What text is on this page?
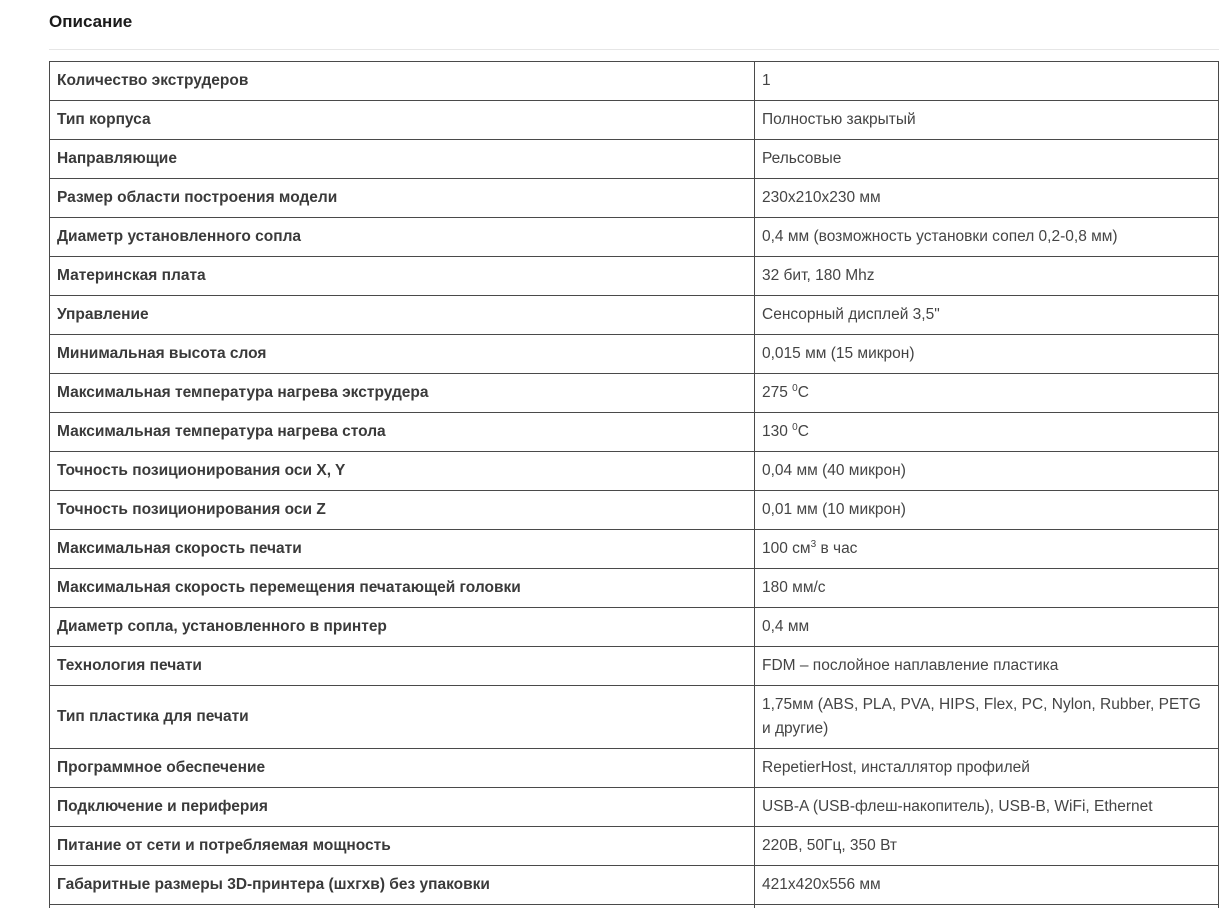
Описание
Количество экструдеров	1
Тип корпуса	Полностью закрытый
Направляющие	Рельсовые
Размер области построения модели	230x210x230 мм
Диаметр установленного сопла	0,4 мм (возможность установки сопел 0,2-0,8 мм)
Материнская плата	32 бит, 180 Mhz
Управление	Сенсорный дисплей 3,5"
Минимальная высота слоя	0,015 мм (15 микрон)
Максимальная температура нагрева экструдера	275 $^0$C
Максимальная температура нагрева стола	130 $^0$C
Точность позиционирования оси X, Y	0,04 мм (40 микрон)
Точность позиционирования оси Z	0,01 мм (10 микрон)
Максимальная скорость печати	100 $см^3$ в час
Максимальная скорость перемещения печатающей головки	180 мм/с
Диаметр сопла, установленного в принтер	0,4 мм
Технология печати	FDM – послойное наплавление пластика
Тип пластика для печати	1,75мм (ABS, PLA, PVA, HIPS, Flex, PC, Nylon, Rubber, PETG и другие)
Программное обеспечение	RepetierHost, инсталлятор профилей
Подключение и периферия	USB-A (USB-флеш-накопитель), USB-B, WiFi, Ethernet
Питание от сети и потребляемая мощность	220В, 50Гц, 350 Вт
Габаритные размеры 3D-принтера (шхгхв) без упаковки	421x420x556 мм
